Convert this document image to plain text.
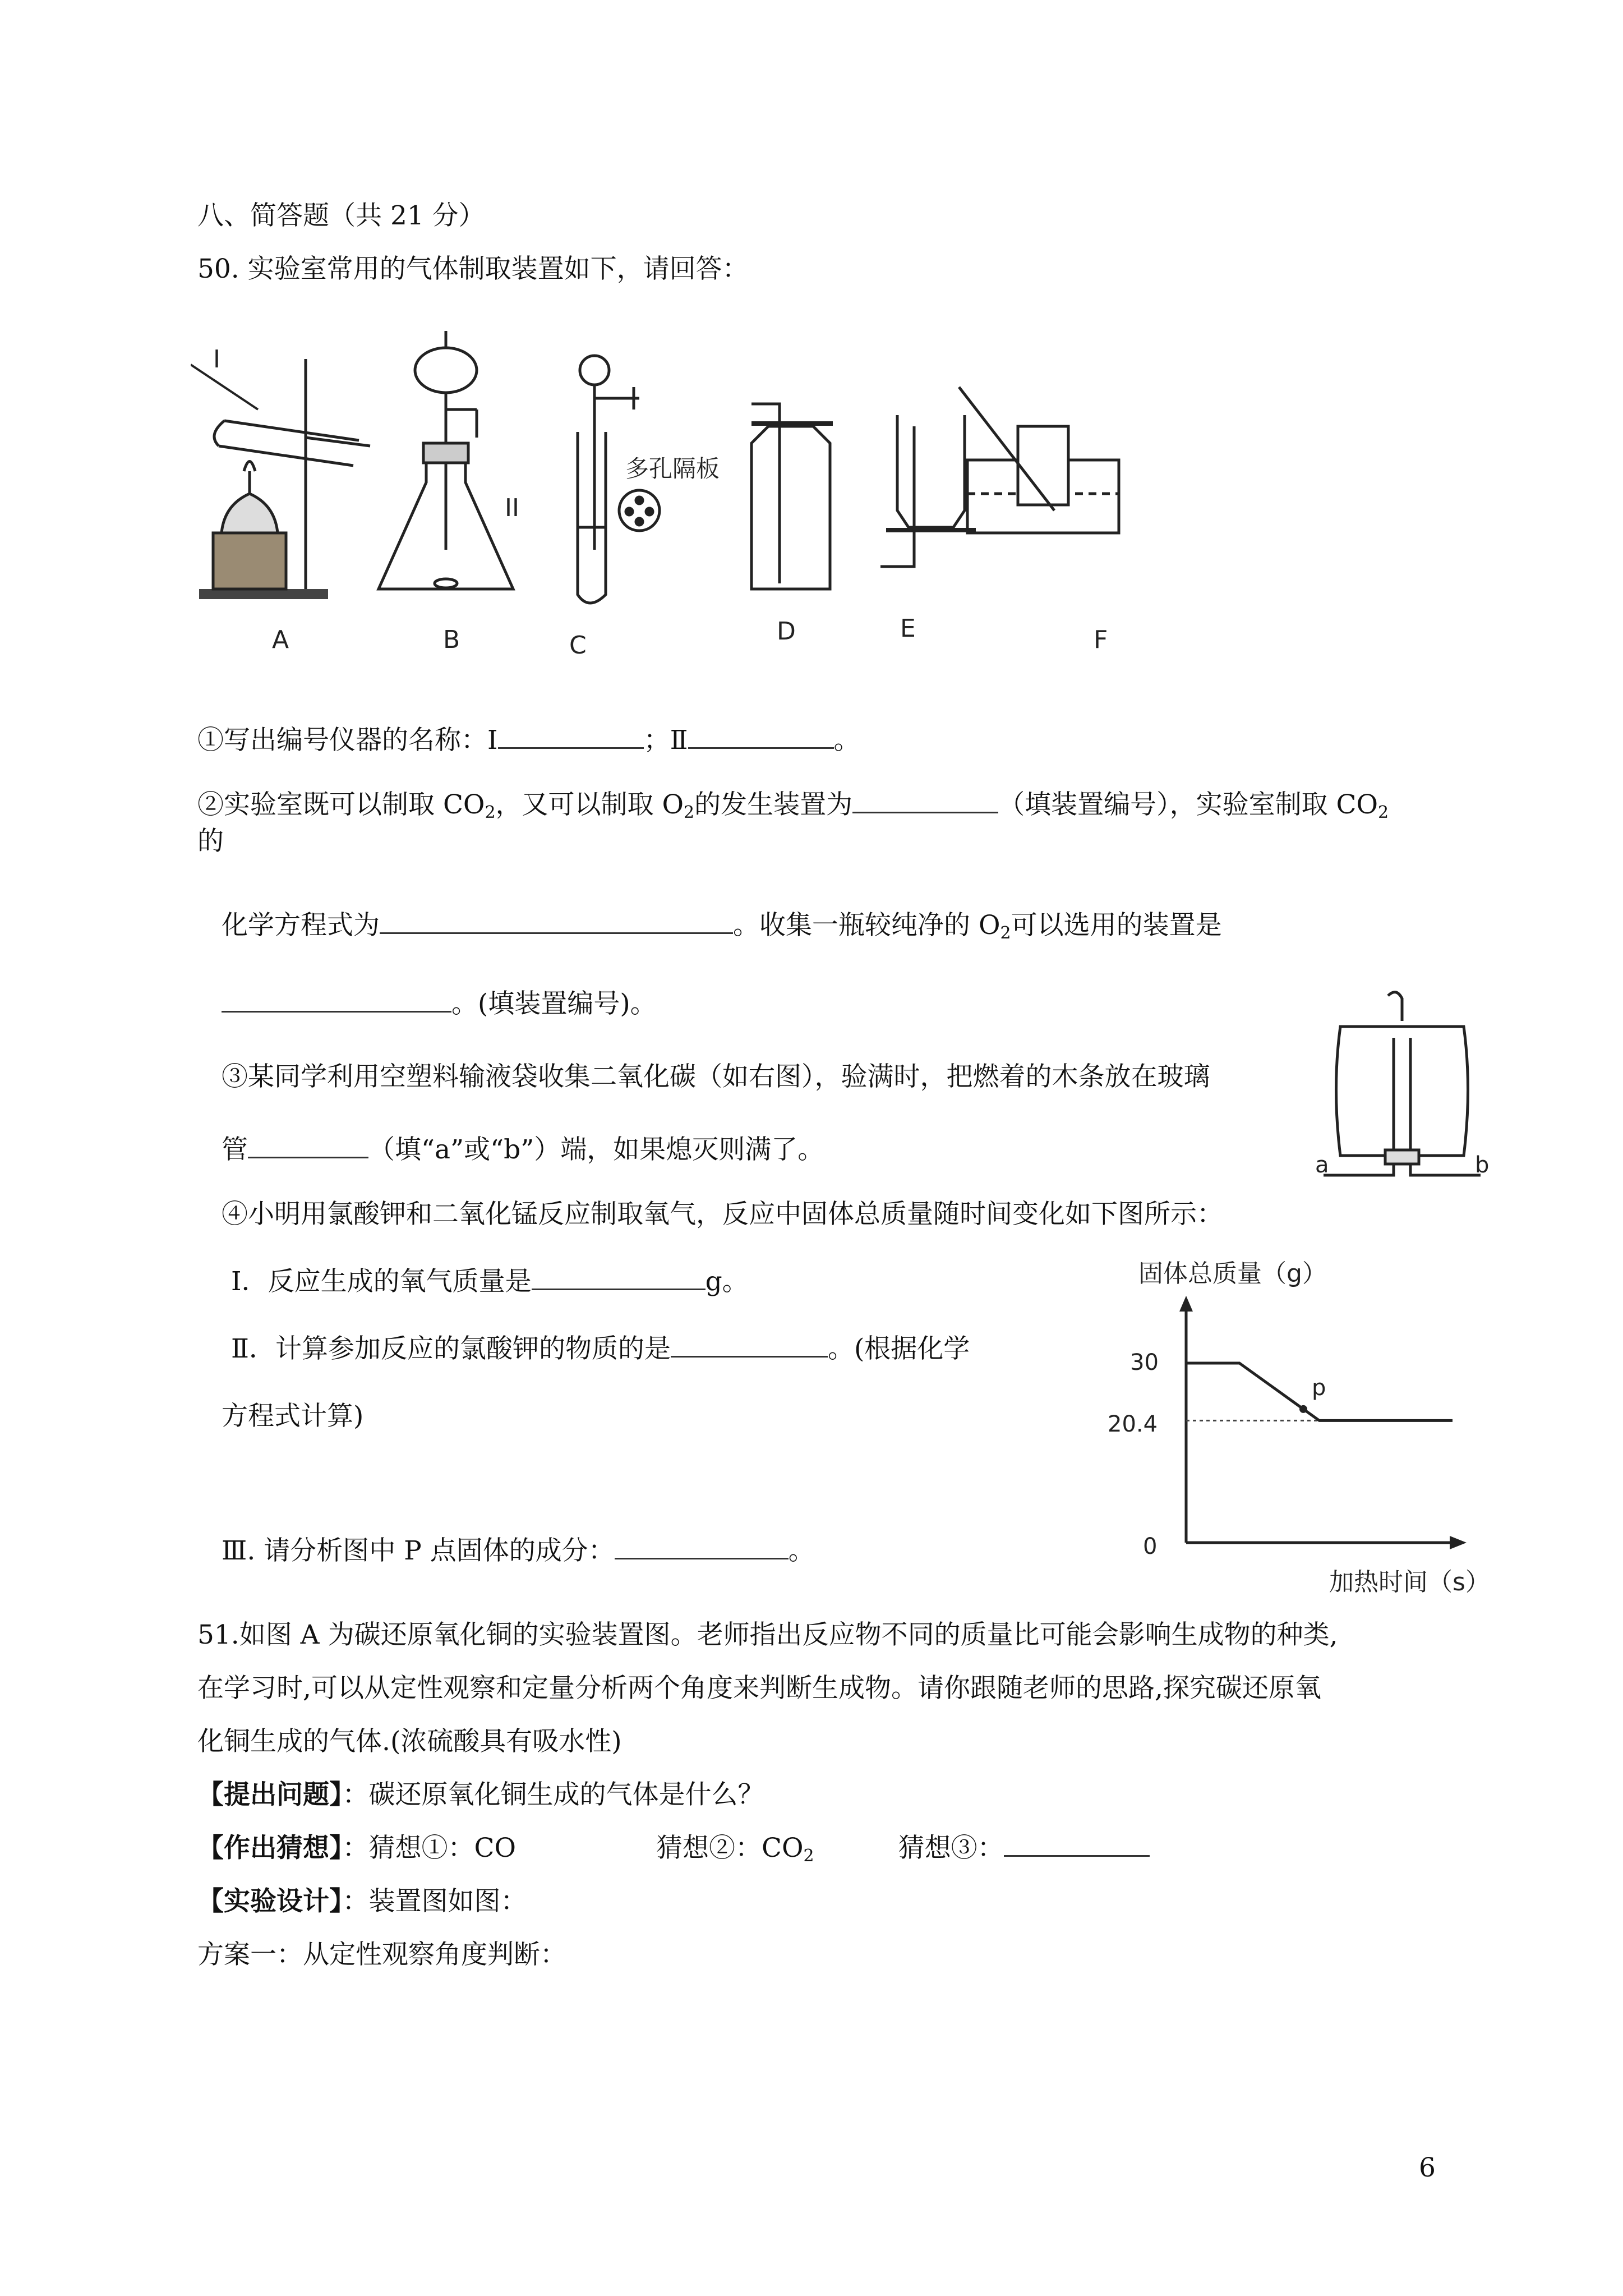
八、简答题（共 21 分）
50. 实验室常用的气体制取装置如下，请回答：
I
II
多孔隔板
A	B	C	D	E	F
①写出编号仪器的名称：Ⅰ	；Ⅱ	。
②实验室既可以制取 $CO_2$，又可以制取 $O_2$的发生装置为	（填装置编号），实验室制取 $CO_2$
的
化学方程式为	。收集一瓶较纯净的 $O_2$可以选用的装置是
。(填装置编号)。
③某同学利用空塑料输液袋收集二氧化碳（如右图），验满时，把燃着的木条放在玻璃
管	（填“a”或“b”）端，如果熄灭则满了。	a	b
④小明用氯酸钾和二氧化锰反应制取氧气，反应中固体总质量随时间变化如下图所示：
Ⅰ．反应生成的氧气质量是	g。
Ⅱ．计算参加反应的氯酸钾的物质的是	。(根据化学
方程式计算)
Ⅲ. 请分析图中 P 点固体的成分：	。
固体总质量（g）
0
30
20.4
p
加热时间（s）
51.如图 A 为碳还原氧化铜的实验装置图。老师指出反应物不同的质量比可能会影响生成物的种类,
在学习时,可以从定性观察和定量分析两个角度来判断生成物。请你跟随老师的思路,探究碳还原氧
化铜生成的气体.(浓硫酸具有吸水性)
【提出问题】：碳还原氧化铜生成的气体是什么？
【作出猜想】：猜想①：CO	猜想②：$CO_2$	猜想③：
【实验设计】：装置图如图：
方案一：从定性观察角度判断：
6
